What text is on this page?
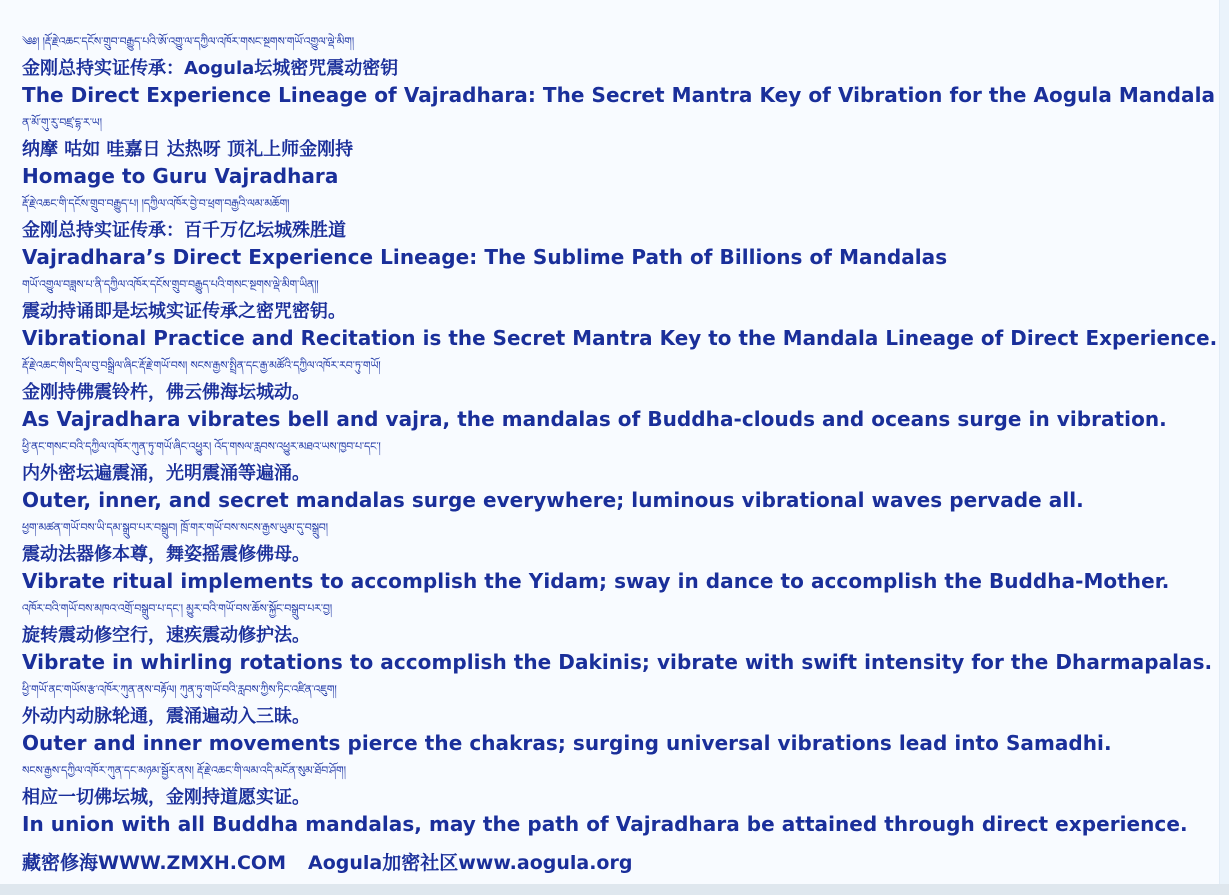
༄༅། །རྡོ་རྗེ་འཆང་དངོས་གྲུབ་བརྒྱུད་པའི་ཨོ་འགྱུ་ལ་དཀྱིལ་འཁོར་གསང་སྔགས་གཡོ་འགྱུལ་ལྡེ་མིག།
金刚总持实证传承：Aogula坛城密咒震动密钥
The Direct Experience Lineage of Vajradhara: The Secret Mantra Key of Vibration for the Aogula Mandala
ན་མོ་གུ་རུ་བཛྲ་དྷ་ར་ཡ།
纳摩 咕如 哇嘉日 达热呀 顶礼上师金刚持
Homage to Guru Vajradhara
རྡོ་རྗེ་འཆང་གི་དངོས་གྲུབ་བརྒྱུད་པ། །དཀྱིལ་འཁོར་བྱེ་བ་ཕྲག་བརྒྱའི་ལམ་མཆོག།
金刚总持实证传承：百千万亿坛城殊胜道
Vajradhara’s Direct Experience Lineage: The Sublime Path of Billions of Mandalas
གཡོ་འགྱུལ་བཟླས་པ་ནི་དཀྱིལ་འཁོར་དངོས་གྲུབ་བརྒྱུད་པའི་གསང་སྔགས་ལྡེ་མིག་ཡིན།།
震动持诵即是坛城实证传承之密咒密钥。
Vibrational Practice and Recitation is the Secret Mantra Key to the Mandala Lineage of Direct Experience.
རྡོ་རྗེ་འཆང་གིས་དྲིལ་བུ་བསྒྲིལ་ཞིང་རྡོ་རྗེ་གཡོ་བས། སངས་རྒྱས་སྤྲིན་དང་རྒྱ་མཚོའི་དཀྱིལ་འཁོར་རབ་ཏུ་གཡོ།
金刚持佛震铃杵，佛云佛海坛城动。
As Vajradhara vibrates bell and vajra, the mandalas of Buddha-clouds and oceans surge in vibration.
ཕྱི་ནང་གསང་བའི་དཀྱིལ་འཁོར་ཀུན་ཏུ་གཡོ་ཞིང་འཕྱུར། འོད་གསལ་རླབས་འཕྱུར་མཐའ་ཡས་ཁྱབ་པ་དང་།
内外密坛遍震涌，光明震涌等遍涌。
Outer, inner, and secret mandalas surge everywhere; luminous vibrational waves pervade all.
ཕྱག་མཚན་གཡོ་བས་ཡི་དམ་སྒྲུབ་པར་བསྒྲུབ། ཁྲོ་གར་གཡོ་བས་སངས་རྒྱས་ཡུམ་དུ་བསྒྲུབ།
震动法器修本尊，舞姿摇震修佛母。
Vibrate ritual implements to accomplish the Yidam; sway in dance to accomplish the Buddha-Mother.
འཁོར་བའི་གཡོ་བས་མཁའ་འགྲོ་བསྒྲུབ་པ་དང་། མྱུར་བའི་གཡོ་བས་ཆོས་སྐྱོང་བསྒྲུབ་པར་བྱ།
旋转震动修空行，速疾震动修护法。
Vibrate in whirling rotations to accomplish the Dakinis; vibrate with swift intensity for the Dharmapalas.
ཕྱི་གཡོ་ནང་གཡོས་རྩ་འཁོར་ཀུན་ནས་བརྟོལ། ཀུན་ཏུ་གཡོ་བའི་རླབས་ཀྱིས་ཏིང་འཛིན་འཇུག།
外动内动脉轮通，震涌遍动入三昧。
Outer and inner movements pierce the chakras; surging universal vibrations lead into Samadhi.
སངས་རྒྱས་དཀྱིལ་འཁོར་ཀུན་དང་མཉམ་སྦྱོར་ནས། རྡོ་རྗེ་འཆང་གི་ལམ་འདི་མངོན་སུམ་ཐོབ་ཤོག།
相应一切佛坛城，金刚持道愿实证。
In union with all Buddha mandalas, may the path of Vajradhara be attained through direct experience.
藏密修海WWW.ZMXH.COM Aogula加密社区www.aogula.org
